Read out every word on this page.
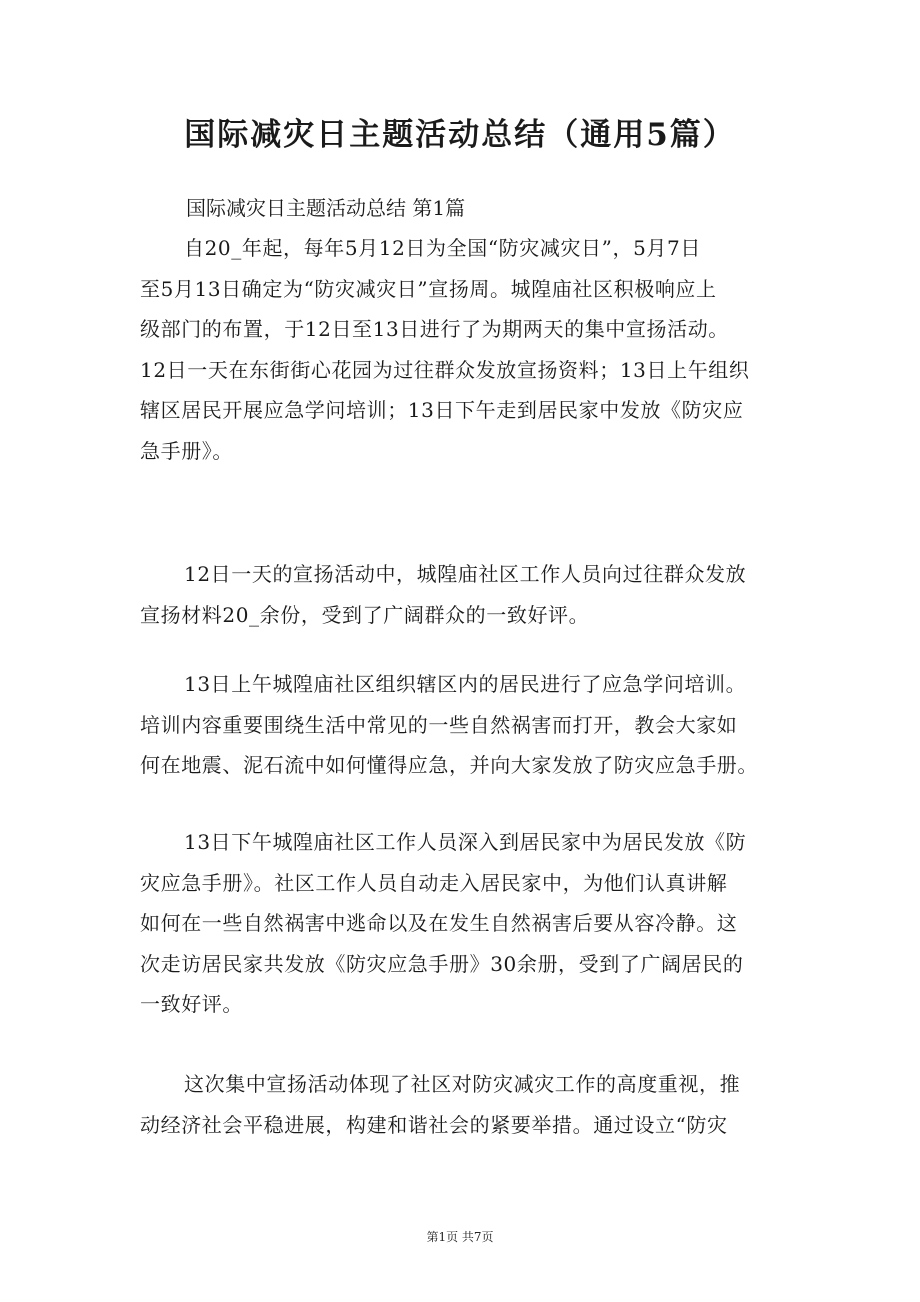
国际减灾日主题活动总结（通用5篇）

国际减灾日主题活动总结 第1篇

自20_年起，每年5月12日为全国“防灾减灾日”，5月7日
至5月13日确定为“防灾减灾日”宣扬周。城隍庙社区积极响应上
级部门的布置，于12日至13日进行了为期两天的集中宣扬活动。
12日一天在东街街心花园为过往群众发放宣扬资料；13日上午组织
辖区居民开展应急学问培训；13日下午走到居民家中发放《防灾应
急手册》。
12日一天的宣扬活动中，城隍庙社区工作人员向过往群众发放
宣扬材料20_余份，受到了广阔群众的一致好评。
13日上午城隍庙社区组织辖区内的居民进行了应急学问培训。
培训内容重要围绕生活中常见的一些自然祸害而打开，教会大家如
何在地震、泥石流中如何懂得应急，并向大家发放了防灾应急手册。
13日下午城隍庙社区工作人员深入到居民家中为居民发放《防
灾应急手册》。社区工作人员自动走入居民家中，为他们认真讲解
如何在一些自然祸害中逃命以及在发生自然祸害后要从容冷静。这
次走访居民家共发放《防灾应急手册》30余册，受到了广阔居民的
一致好评。
这次集中宣扬活动体现了社区对防灾减灾工作的高度重视，推
动经济社会平稳进展，构建和谐社会的紧要举措。通过设立“防灾
第1页 共7页
